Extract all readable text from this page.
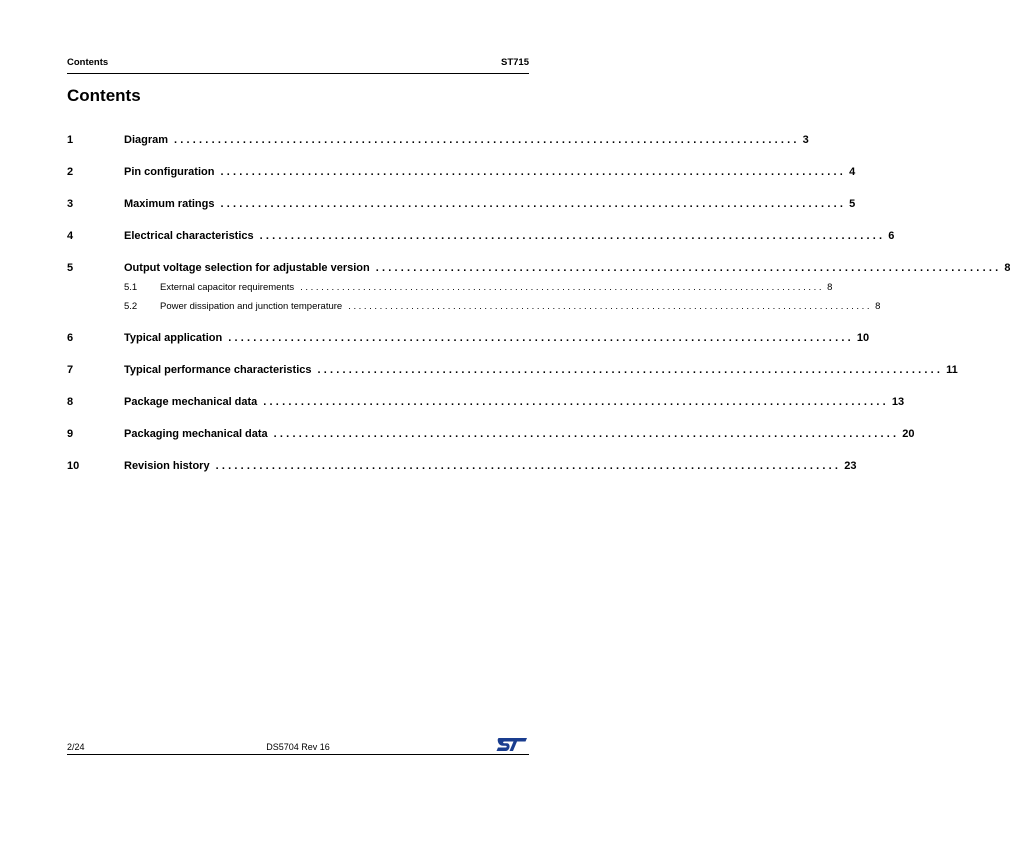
Contents	ST715
Contents
1	Diagram .................................................................................................... 3
2	Pin configuration .................................................................................................... 4
3	Maximum ratings .................................................................................................... 5
4	Electrical characteristics .................................................................................................... 6
5	Output voltage selection for adjustable version .................................................................................................... 8
5.1	External capacitor requirements .................................................................................................... 8
5.2	Power dissipation and junction temperature .................................................................................................... 8
6	Typical application .................................................................................................... 10
7	Typical performance characteristics .................................................................................................... 11
8	Package mechanical data .................................................................................................... 13
9	Packaging mechanical data .................................................................................................... 20
10	Revision history .................................................................................................... 23
2/24	DS5704 Rev 16
